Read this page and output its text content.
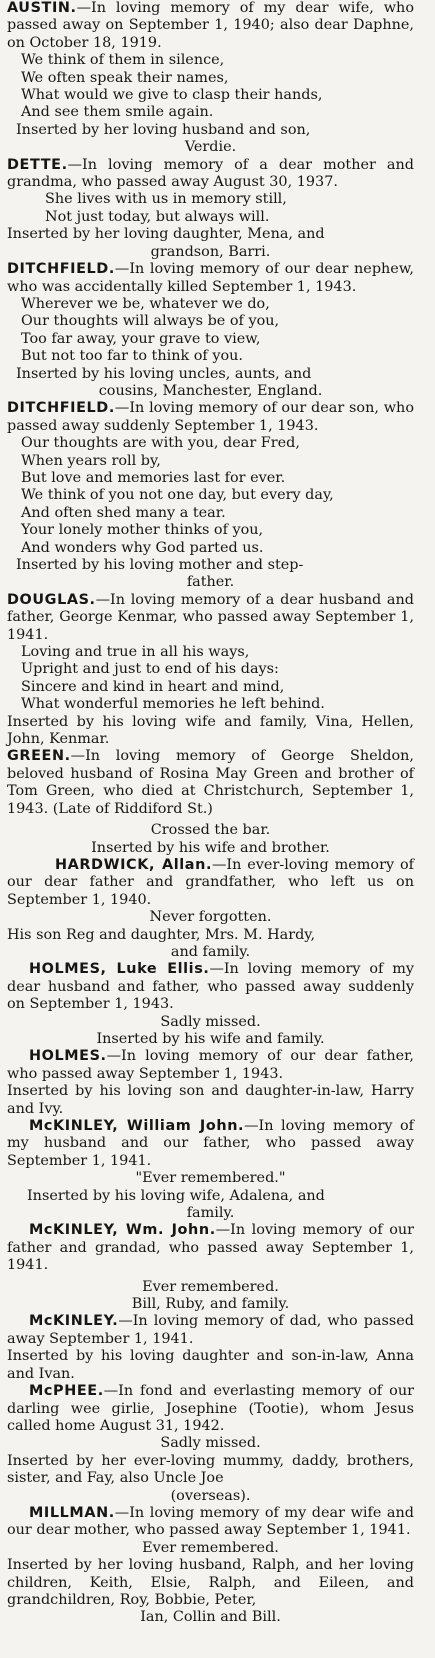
AUSTIN.—In loving memory of my dear wife, who passed away on September 1, 1940; also dear Daphne, on October 18, 1919.
We think of them in silence,
We often speak their names,
What would we give to clasp their hands,
And see them smile again.
Inserted by her loving husband and son,
Verdie.
DETTE.—In loving memory of a dear mother and grandma, who passed away August 30, 1937.
She lives with us in memory still,
Not just today, but always will.
Inserted by her loving daughter, Mena, and
grandson, Barri.
DITCHFIELD.—In loving memory of our dear nephew, who was accidentally killed September 1, 1943.
Wherever we be, whatever we do,
Our thoughts will always be of you,
Too far away, your grave to view,
But not too far to think of you.
Inserted by his loving uncles, aunts, and
cousins, Manchester, England.
DITCHFIELD.—In loving memory of our dear son, who passed away suddenly September 1, 1943.
Our thoughts are with you, dear Fred,
When years roll by,
But love and memories last for ever.
We think of you not one day, but every day,
And often shed many a tear.
Your lonely mother thinks of you,
And wonders why God parted us.
Inserted by his loving mother and step-
father.
DOUGLAS.—In loving memory of a dear husband and father, George Kenmar, who passed away September 1, 1941.
Loving and true in all his ways,
Upright and just to end of his days:
Sincere and kind in heart and mind,
What wonderful memories he left behind.
Inserted by his loving wife and family, Vina, Hellen, John, Kenmar.
GREEN.—In loving memory of George Sheldon, beloved husband of Rosina May Green and brother of Tom Green, who died at Christchurch, September 1, 1943. (Late of Riddiford St.)
Crossed the bar.
Inserted by his wife and brother.
HARDWICK, Allan.—In ever-loving memory of our dear father and grandfather, who left us on September 1, 1940.
Never forgotten.
His son Reg and daughter, Mrs. M. Hardy,
and family.
HOLMES, Luke Ellis.—In loving memory of my dear husband and father, who passed away suddenly on September 1, 1943.
Sadly missed.
Inserted by his wife and family.
HOLMES.—In loving memory of our dear father, who passed away September 1, 1943.
Inserted by his loving son and daughter-in-law, Harry and Ivy.
McKINLEY, William John.—In loving memory of my husband and our father, who passed away September 1, 1941.
"Ever remembered."
Inserted by his loving wife, Adalena, and
family.
McKINLEY, Wm. John.—In loving memory of our father and grandad, who passed away September 1, 1941.
Ever remembered.
Bill, Ruby, and family.
McKINLEY.—In loving memory of dad, who passed away September 1, 1941.
Inserted by his loving daughter and son-in-law, Anna and Ivan.
McPHEE.—In fond and everlasting memory of our darling wee girlie, Josephine (Tootie), whom Jesus called home August 31, 1942.
Sadly missed.
Inserted by her ever-loving mummy, daddy, brothers, sister, and Fay, also Uncle Joe
(overseas).
MILLMAN.—In loving memory of my dear wife and our dear mother, who passed away September 1, 1941.
Ever remembered.
Inserted by her loving husband, Ralph, and her loving children, Keith, Elsie, Ralph, and Eileen, and grandchildren, Roy, Bobbie, Peter,
Ian, Collin and Bill.
